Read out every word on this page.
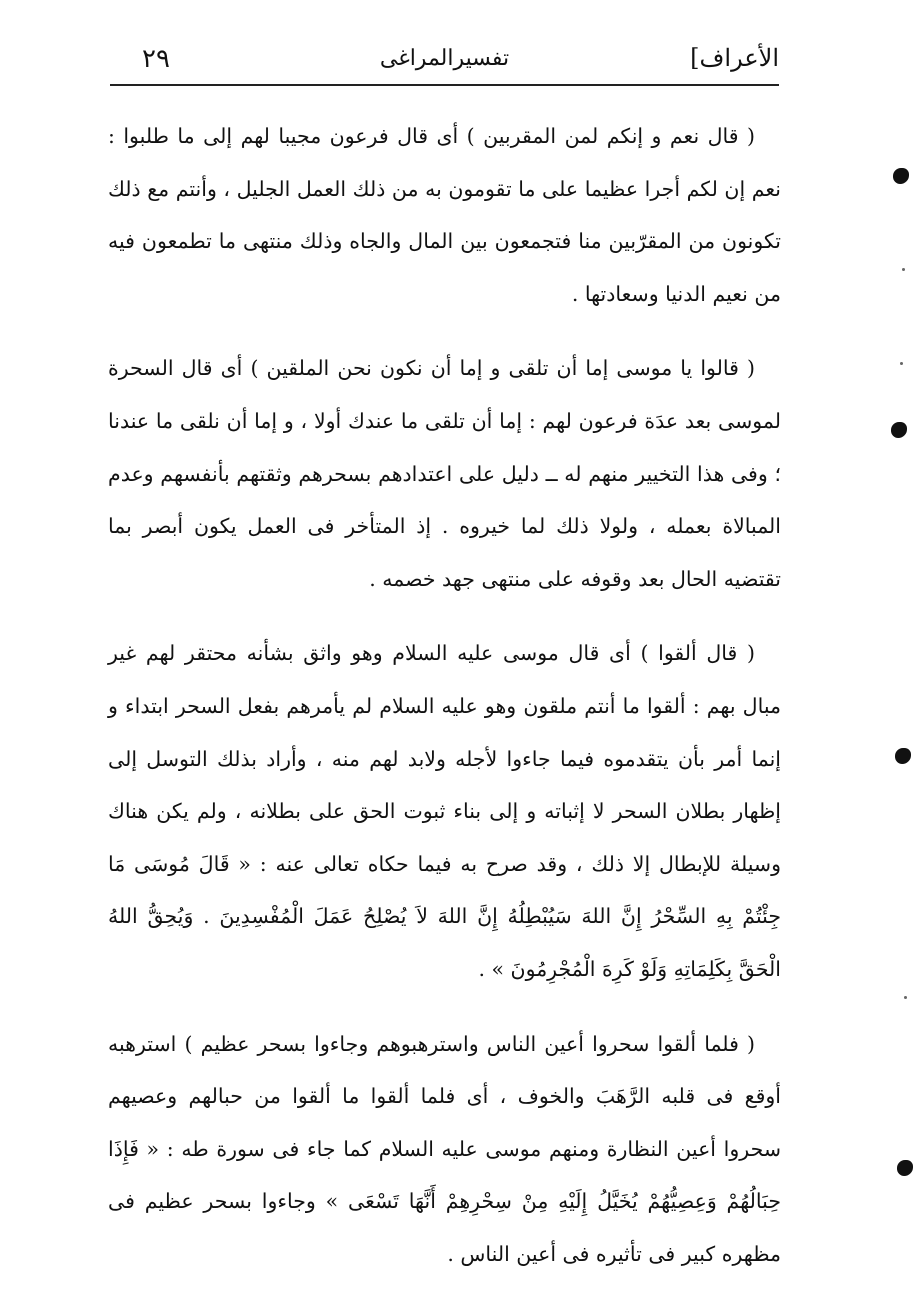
الأعراف]
تفسيرالمراغى
٢٩

( قال نعم و إنكم لمن المقربين ) أى قال فرعون مجيبا لهم إلى ما طلبوا : نعم إن لكم أجرا عظيما على ما تقومون به من ذلك العمل الجليل ، وأنتم مع ذلك تكونون من المقرّبين منا فتجمعون بين المال والجاه وذلك منتهى ما تطمعون فيه من نعيم الدنيا وسعادتها .

( قالوا يا موسى إما أن تلقى و إما أن نكون نحن الملقين ) أى قال السحرة لموسى بعد عدَة فرعون لهم : إما أن تلقى ما عندك أولا ، و إما أن نلقى ما عندنا ؛ وفى هذا التخيير منهم له ــ دليل على اعتدادهم بسحرهم وثقتهم بأنفسهم وعدم المبالاة بعمله ، ولولا ذلك لما خيروه . إذ المتأخر فى العمل يكون أبصر بما تقتضيه الحال بعد وقوفه على منتهى جهد خصمه .

( قال ألقوا ) أى قال موسى عليه السلام وهو واثق بشأنه محتقر لهم غير مبال بهم : ألقوا ما أنتم ملقون وهو عليه السلام لم يأمرهم بفعل السحر ابتداء و إنما أمر بأن يتقدموه فيما جاءوا لأجله ولابد لهم منه ، وأراد بذلك التوسل إلى إظهار بطلان السحر لا إثباته و إلى بناء ثبوت الحق على بطلانه ، ولم يكن هناك وسيلة للإبطال إلا ذلك ، وقد صرح به فيما حكاه تعالى عنه : « قَالَ مُوسَى مَا جِئْتُمْ بِهِ السِّحْرُ إِنَّ اللهَ سَيُبْطِلُهُ إِنَّ اللهَ لاَ يُصْلِحُ عَمَلَ الْمُفْسِدِينَ . وَيُحِقُّ اللهُ الْحَقَّ بِكَلِمَاتِهِ وَلَوْ كَرِهَ الْمُجْرِمُونَ » .

( فلما ألقوا سحروا أعين الناس واسترهبوهم وجاءوا بسحر عظيم ) استرهبه أوقع فى قلبه الرَّهَبَ والخوف ، أى فلما ألقوا ما ألقوا من حبالهم وعصيهم سحروا أعين النظارة ومنهم موسى عليه السلام كما جاء فى سورة طه : « فَإِذَا حِبَالُهُمْ وَعِصِيُّهُمْ يُخَيَّلُ إِلَيْهِ مِنْ سِحْرِهِمْ أَنَّهَا تَسْعَى » وجاءوا بسحر عظيم فى مظهره كبير فى تأثيره فى أعين الناس .
